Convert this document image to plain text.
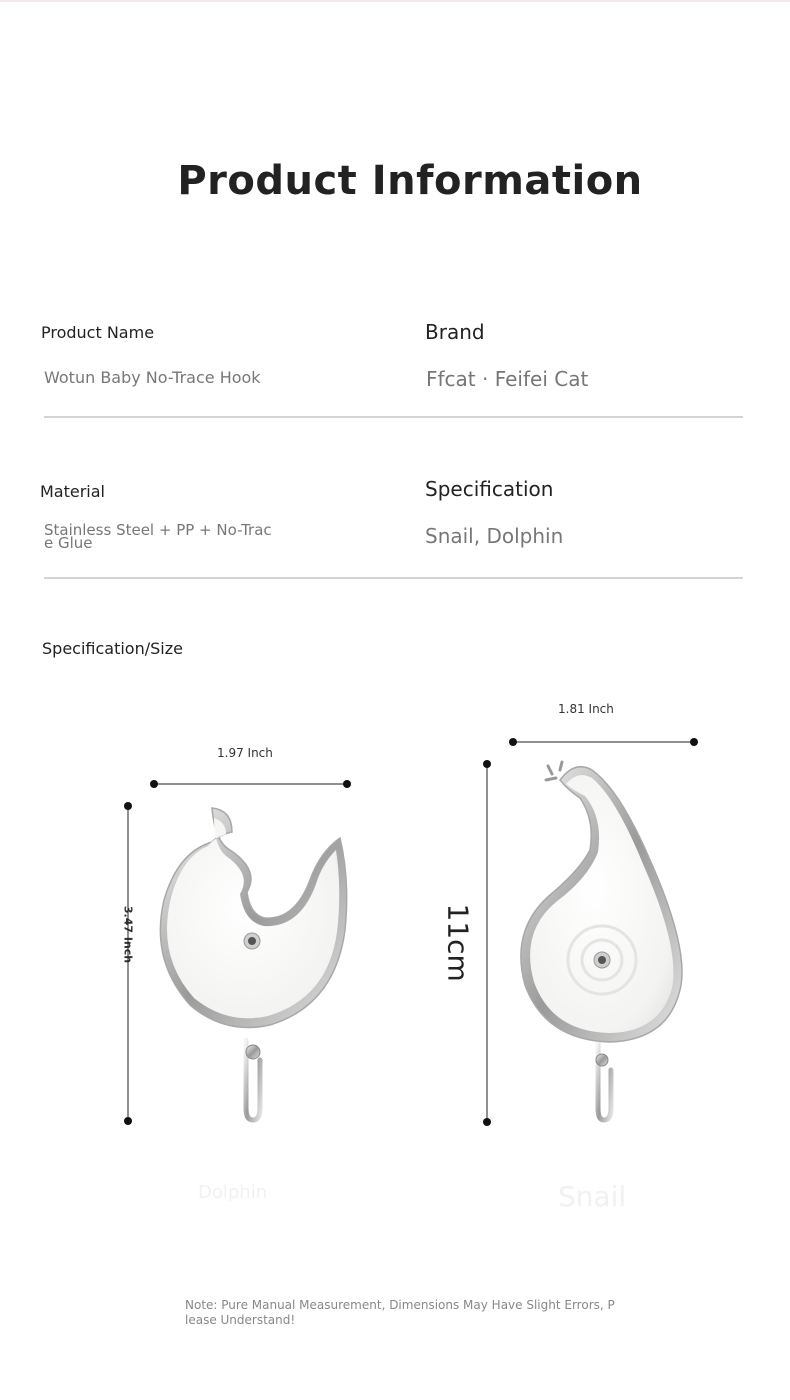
Product Information
Product Name
Wotun Baby No-Trace Hook
Brand
Ffcat · Feifei Cat
Material
Stainless Steel + PP + No-Trace Glue
Specification
Snail, Dolphin
Specification/Size
1.97 Inch
1.81 Inch
3.47 Inch	11cm
Dolphin	Snail
Note: Pure Manual Measurement, Dimensions May Have Slight Errors, Please Understand!
